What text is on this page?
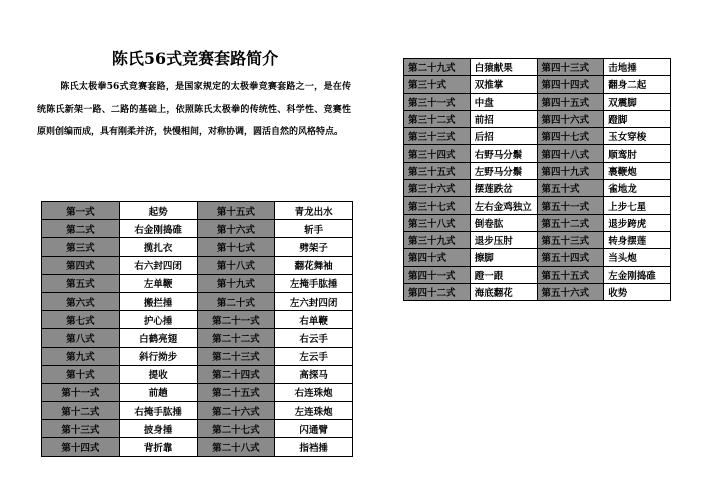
陈氏56式竞赛套路简介

陈氏太极拳56式竞赛套路，是国家规定的太极拳竞赛套路之一，是在传统陈氏新架一路、二路的基础上，依照陈氏太极拳的传统性、科学性、竞赛性原则创编而成，具有刚柔并济，快慢相间，对称协调，圆活自然的风格特点。

第一式	起势	第十五式	青龙出水
第二式	右金刚捣碓	第十六式	斩手
第三式	揽扎衣	第十七式	劈架子
第四式	右六封四闭	第十八式	翻花舞袖
第五式	左单鞭	第十九式	左掩手肱捶
第六式	搬拦捶	第二十式	左六封四闭
第七式	护心捶	第二十一式	右单鞭
第八式	白鹤亮翅	第二十二式	右云手
第九式	斜行拗步	第二十三式	左云手
第十式	提收	第二十四式	高探马
第十一式	前趟	第二十五式	右连珠炮
第十二式	右掩手肱捶	第二十六式	左连珠炮
第十三式	披身捶	第二十七式	闪通臂
第十四式	背折靠	第二十八式	指裆捶
第二十九式	白猿献果	第四十三式	击地捶
第三十式	双推掌	第四十四式	翻身二起
第三十一式	中盘	第四十五式	双震脚
第三十二式	前招	第四十六式	蹬脚
第三十三式	后招	第四十七式	玉女穿梭
第三十四式	右野马分鬃	第四十八式	顺鸾肘
第三十五式	左野马分鬃	第四十九式	裹鞭炮
第三十六式	摆莲跌岔	第五十式	雀地龙
第三十七式	左右金鸡独立	第五十一式	上步七星
第三十八式	倒卷肱	第五十二式	退步跨虎
第三十九式	退步压肘	第五十三式	转身摆莲
第四十式	擦脚	第五十四式	当头炮
第四十一式	蹬一跟	第五十五式	左金刚捣碓
第四十二式	海底翻花	第五十六式	收势
